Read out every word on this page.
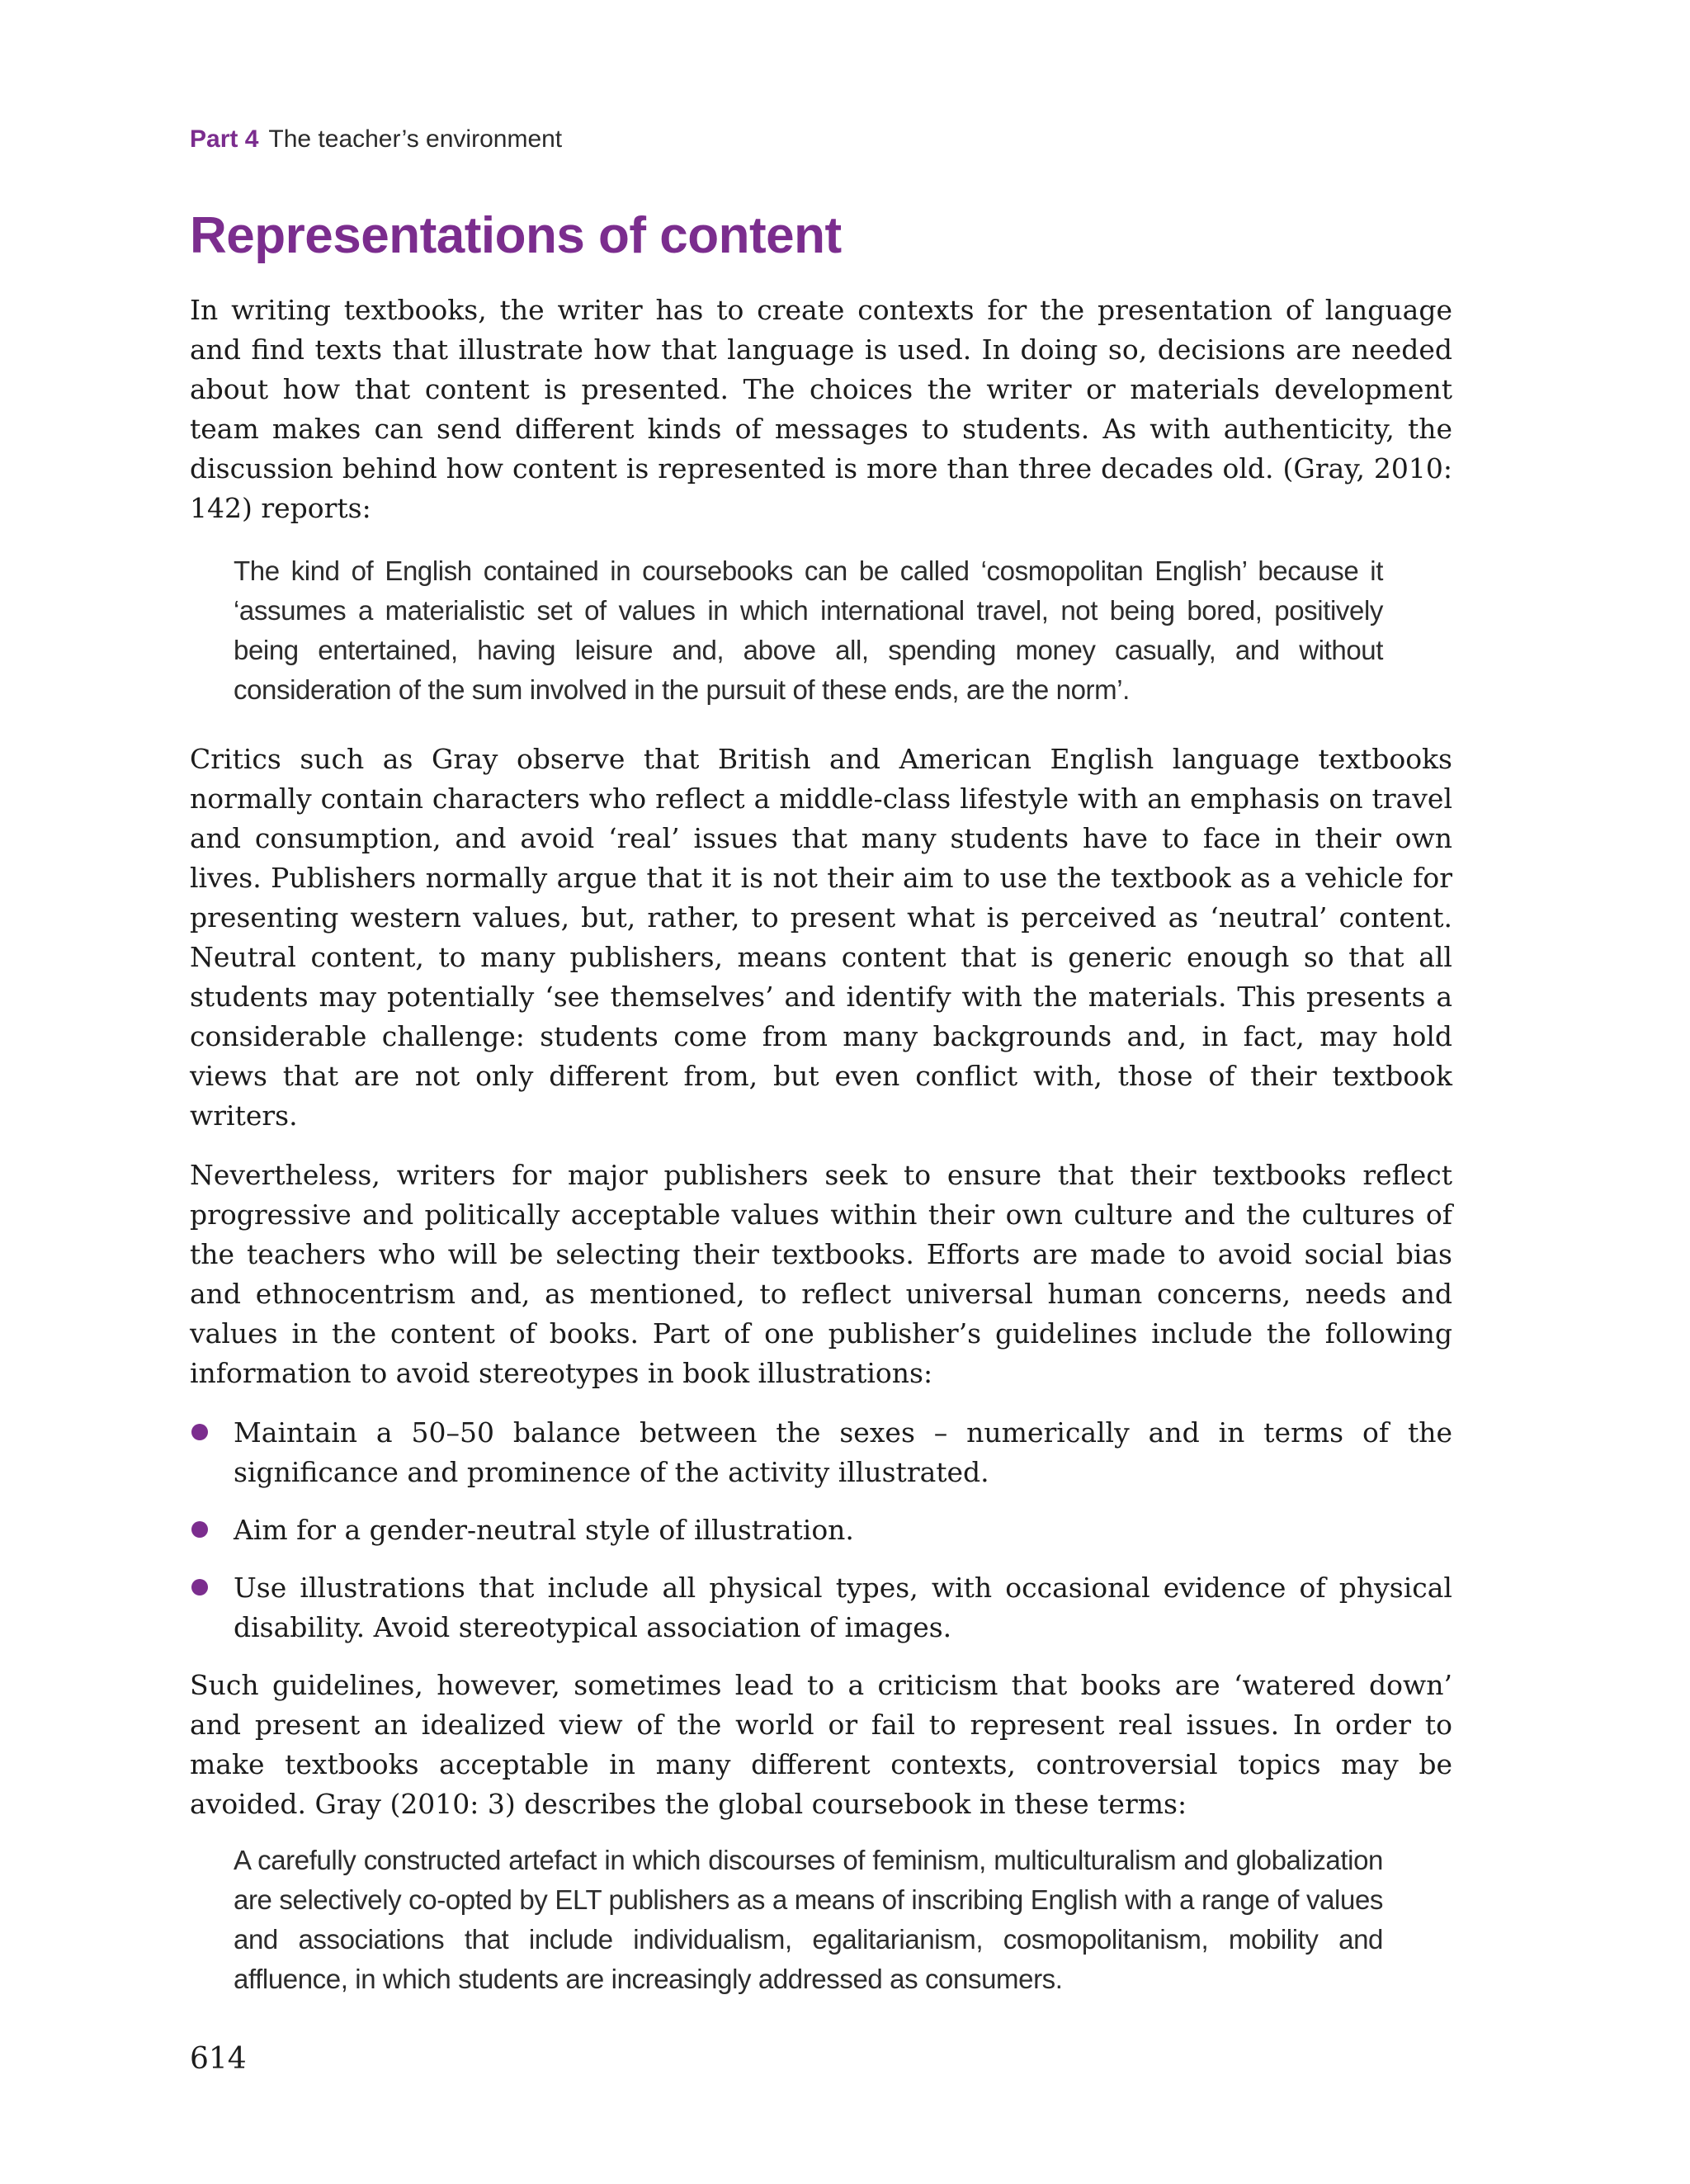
Part 4 The teacher’s environment
Representations of content

In writing textbooks, the writer has to create contexts for the presentation of language and find texts that illustrate how that language is used. In doing so, decisions are needed about how that content is presented. The choices the writer or materials development team makes can send different kinds of messages to students. As with authenticity, the discussion behind how content is represented is more than three decades old. (Gray, 2010: 142) reports:

The kind of English contained in coursebooks can be called ‘cosmopolitan English’ because it ‘assumes a materialistic set of values in which international travel, not being bored, positively being entertained, having leisure and, above all, spending money casually, and without consideration of the sum involved in the pursuit of these ends, are the norm’.

Critics such as Gray observe that British and American English language textbooks normally contain characters who reflect a middle-class lifestyle with an emphasis on travel and consumption, and avoid ‘real’ issues that many students have to face in their own lives. Publishers normally argue that it is not their aim to use the textbook as a vehicle for presenting western values, but, rather, to present what is perceived as ‘neutral’ content. Neutral content, to many publishers, means content that is generic enough so that all students may potentially ‘see themselves’ and identify with the materials. This presents a considerable challenge: students come from many backgrounds and, in fact, may hold views that are not only different from, but even conflict with, those of their textbook writers.

Nevertheless, writers for major publishers seek to ensure that their textbooks reflect progressive and politically acceptable values within their own culture and the cultures of the teachers who will be selecting their textbooks. Efforts are made to avoid social bias and ethnocentrism and, as mentioned, to reflect universal human concerns, needs and values in the content of books. Part of one publisher’s guidelines include the following information to avoid stereotypes in book illustrations:

Maintain a 50–50 balance between the sexes – numerically and in terms of the significance and prominence of the activity illustrated.
Aim for a gender-neutral style of illustration.
Use illustrations that include all physical types, with occasional evidence of physical disability. Avoid stereotypical association of images.

Such guidelines, however, sometimes lead to a criticism that books are ‘watered down’ and present an idealized view of the world or fail to represent real issues. In order to make textbooks acceptable in many different contexts, controversial topics may be avoided. Gray (2010: 3) describes the global coursebook in these terms:

A carefully constructed artefact in which discourses of feminism, multiculturalism and globalization are selectively co-opted by ELT publishers as a means of inscribing English with a range of values and associations that include individualism, egalitarianism, cosmopolitanism, mobility and affluence, in which students are increasingly addressed as consumers.

614
